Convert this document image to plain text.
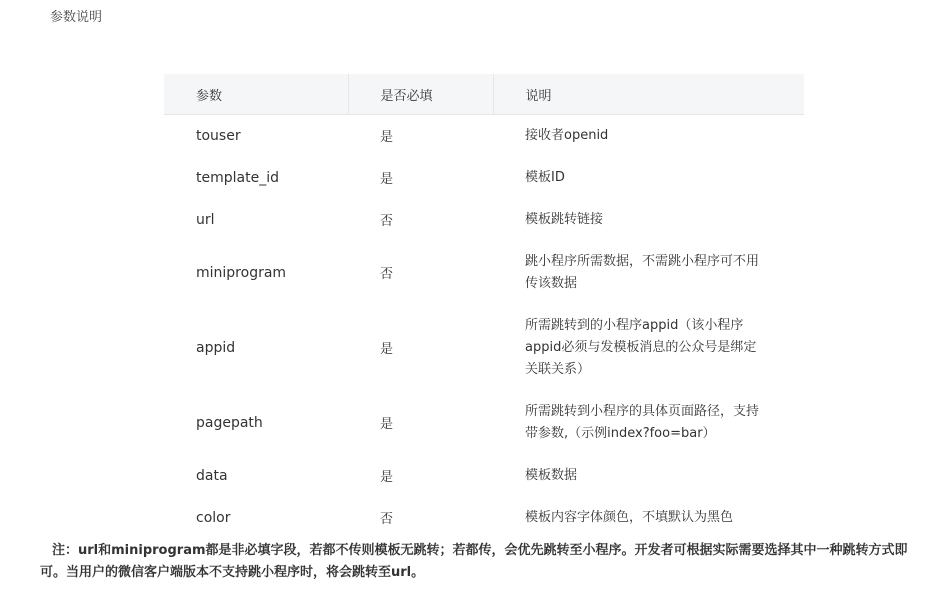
参数说明
参数	是否必填	说明
touser	是	接收者openid
template_id	是	模板ID
url	否	模板跳转链接
miniprogram	否	跳小程序所需数据，不需跳小程序可不用传该数据
appid	是	所需跳转到的小程序appid（该小程序appid必须与发模板消息的公众号是绑定关联关系）
pagepath	是	所需跳转到小程序的具体页面路径，支持带参数,（示例index?foo=bar）
data	是	模板数据
color	否	模板内容字体颜色，不填默认为黑色
注：url和miniprogram都是非必填字段，若都不传则模板无跳转；若都传，会优先跳转至小程序。开发者可根据实际需要选择其中一种跳转方式即可。当用户的微信客户端版本不支持跳小程序时，将会跳转至url。
